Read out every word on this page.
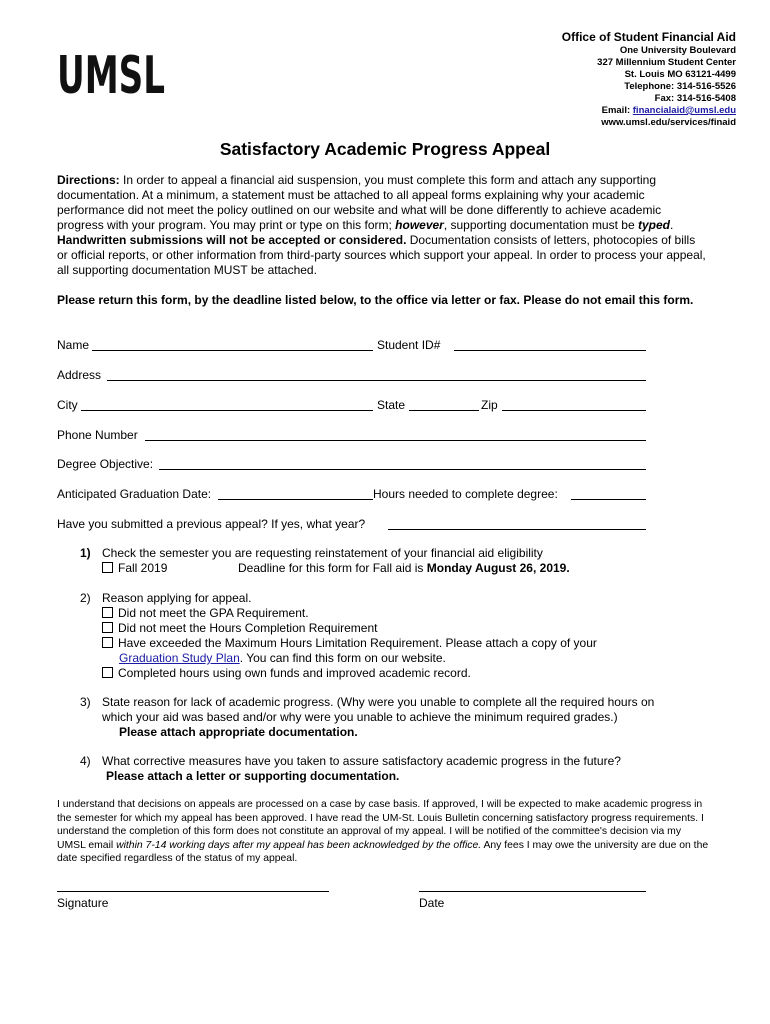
UMSL
Office of Student Financial Aid
One University Boulevard
327 Millennium Student Center
St. Louis MO 63121-4499
Telephone: 314-516-5526
Fax: 314-516-5408
Email: financialaid@umsl.edu
www.umsl.edu/services/finaid
Satisfactory Academic Progress Appeal
Directions: In order to appeal a financial aid suspension, you must complete this form and attach any supporting documentation. At a minimum, a statement must be attached to all appeal forms explaining why your academic performance did not meet the policy outlined on our website and what will be done differently to achieve academic progress with your program. You may print or type on this form; however, supporting documentation must be typed.
Handwritten submissions will not be accepted or considered. Documentation consists of letters, photocopies of bills or official reports, or other information from third-party sources which support your appeal. In order to process your appeal, all supporting documentation MUST be attached.
Please return this form, by the deadline listed below, to the office via letter or fax. Please do not email this form.
Name	Student ID#
Address
City	State	Zip
Phone Number
Degree Objective:
Anticipated Graduation Date:	Hours needed to complete degree:
Have you submitted a previous appeal? If yes, what year?
1) Check the semester you are requesting reinstatement of your financial aid eligibility
Fall 2019	Deadline for this form for Fall aid is Monday August 26, 2019.
2) Reason applying for appeal.
Did not meet the GPA Requirement.
Did not meet the Hours Completion Requirement
Have exceeded the Maximum Hours Limitation Requirement. Please attach a copy of your
Graduation Study Plan. You can find this form on our website.
Completed hours using own funds and improved academic record.
3) State reason for lack of academic progress. (Why were you unable to complete all the required hours on which your aid was based and/or why were you unable to achieve the minimum required grades.)
Please attach appropriate documentation.
4) What corrective measures have you taken to assure satisfactory academic progress in the future?
Please attach a letter or supporting documentation.
I understand that decisions on appeals are processed on a case by case basis. If approved, I will be expected to make academic progress in the semester for which my appeal has been approved. I have read the UM-St. Louis Bulletin concerning satisfactory progress requirements. I understand the completion of this form does not constitute an approval of my appeal. I will be notified of the committee's decision via my UMSL email within 7-14 working days after my appeal has been acknowledged by the office. Any fees I may owe the university are due on the date specified regardless of the status of my appeal.
Signature	Date
